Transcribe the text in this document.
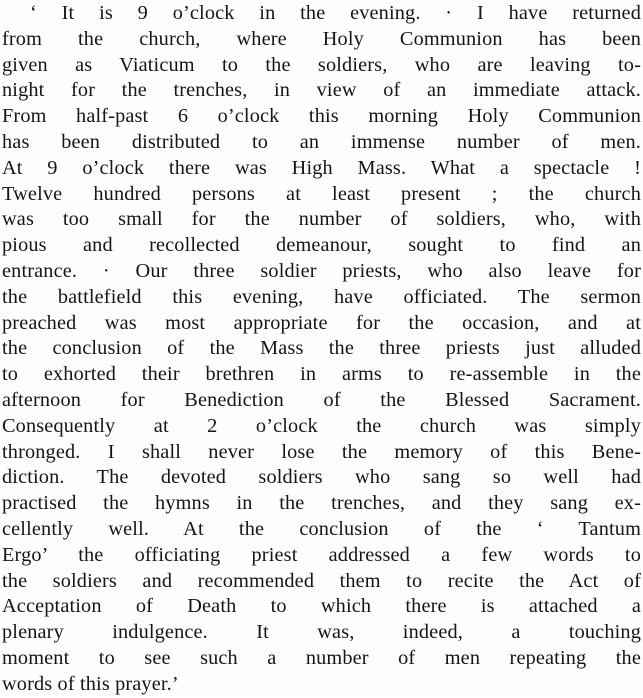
‘ It is 9 o’clock in the evening. · I have returned
from the church, where Holy Communion has been
given as Viaticum to the soldiers, who are leaving to-
night for the trenches, in view of an immediate attack.
From half-past 6 o’clock this morning Holy Communion
has been distributed to an immense number of men.
At 9 o’clock there was High Mass. What a spectacle !
Twelve hundred persons at least present ; the church
was too small for the number of soldiers, who, with
pious and recollected demeanour, sought to find an
entrance. · Our three soldier priests, who also leave for
the battlefield this evening, have officiated. The sermon
preached was most appropriate for the occasion, and at
the conclusion of the Mass the three priests just alluded
to exhorted their brethren in arms to re-assemble in the
afternoon for Benediction of the Blessed Sacrament.
Consequently at 2 o’clock the church was simply
thronged. I shall never lose the memory of this Bene-
diction. The devoted soldiers who sang so well had
practised the hymns in the trenches, and they sang ex-
cellently well. At the conclusion of the ‘ Tantum
Ergo’ the officiating priest addressed a few words to
the soldiers and recommended them to recite the Act of
Acceptation of Death to which there is attached a
plenary indulgence. It was, indeed, a touching
moment to see such a number of men repeating the
words of this prayer.’
